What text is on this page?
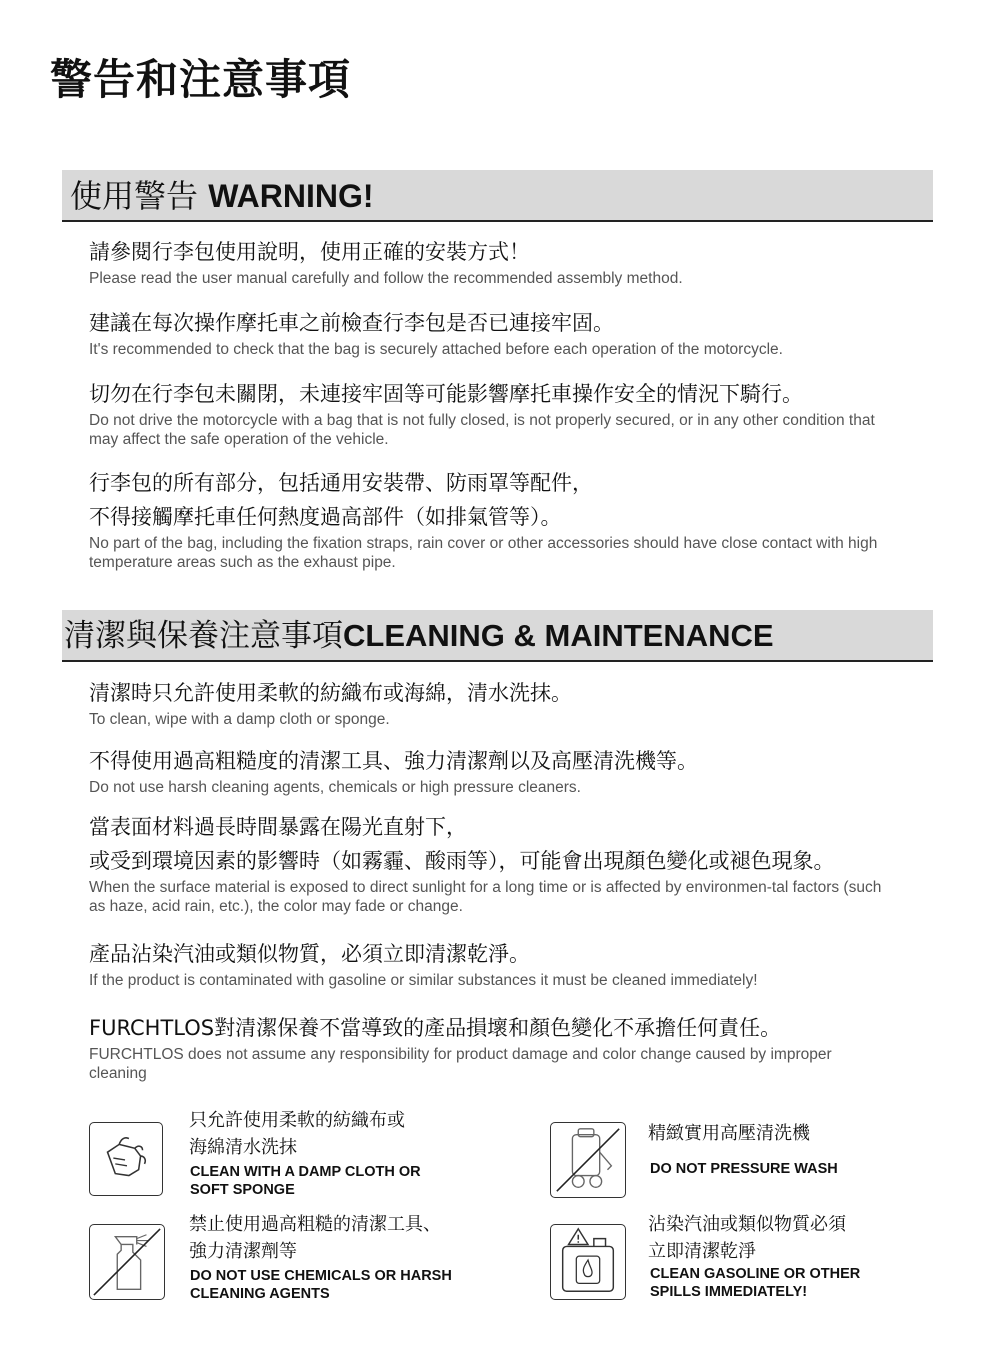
警告和注意事項
使用警告 WARNING!
請參閱行李包使用說明，使用正確的安裝方式！
Please read the user manual carefully and follow the recommended assembly method.
建議在每次操作摩托車之前檢查行李包是否已連接牢固。
It's recommended to check that the bag is securely attached before each operation of the motorcycle.
切勿在行李包未關閉，未連接牢固等可能影響摩托車操作安全的情況下騎行。
Do not drive the motorcycle with a bag that is not fully closed, is not properly secured, or in any other condition that may affect the safe operation of the vehicle.
行李包的所有部分，包括通用安裝帶、防雨罩等配件，
不得接觸摩托車任何熱度過高部件（如排氣管等）。
No part of the bag, including the fixation straps, rain cover or other accessories should have close contact with high temperature areas such as the exhaust pipe.
清潔與保養注意事項CLEANING & MAINTENANCE
清潔時只允許使用柔軟的紡織布或海綿，清水洗抹。
To clean, wipe with a damp cloth or sponge.
不得使用過高粗糙度的清潔工具、強力清潔劑以及高壓清洗機等。
Do not use harsh cleaning agents, chemicals or high pressure cleaners.
當表面材料過長時間暴露在陽光直射下，
或受到環境因素的影響時（如霧霾、酸雨等），可能會出現顏色變化或褪色現象。
When the surface material is exposed to direct sunlight for a long time or is affected by environmen-tal factors (such as haze, acid rain, etc.), the color may fade or change.
產品沾染汽油或類似物質，必須立即清潔乾淨。
If the product is contaminated with gasoline or similar substances it must be cleaned immediately!
FURCHTLOS對清潔保養不當導致的產品損壞和顏色變化不承擔任何責任。
FURCHTLOS does not assume any responsibility for product damage and color change caused by improper cleaning
只允許使用柔軟的紡織布或
海綿清水洗抹
CLEAN WITH A DAMP CLOTH OR
SOFT SPONGE
精緻實用高壓清洗機
DO NOT PRESSURE WASH
禁止使用過高粗糙的清潔工具、
強力清潔劑等
DO NOT USE CHEMICALS OR HARSH
CLEANING AGENTS
沾染汽油或類似物質必須
立即清潔乾淨
CLEAN GASOLINE OR OTHER
SPILLS IMMEDIATELY!
